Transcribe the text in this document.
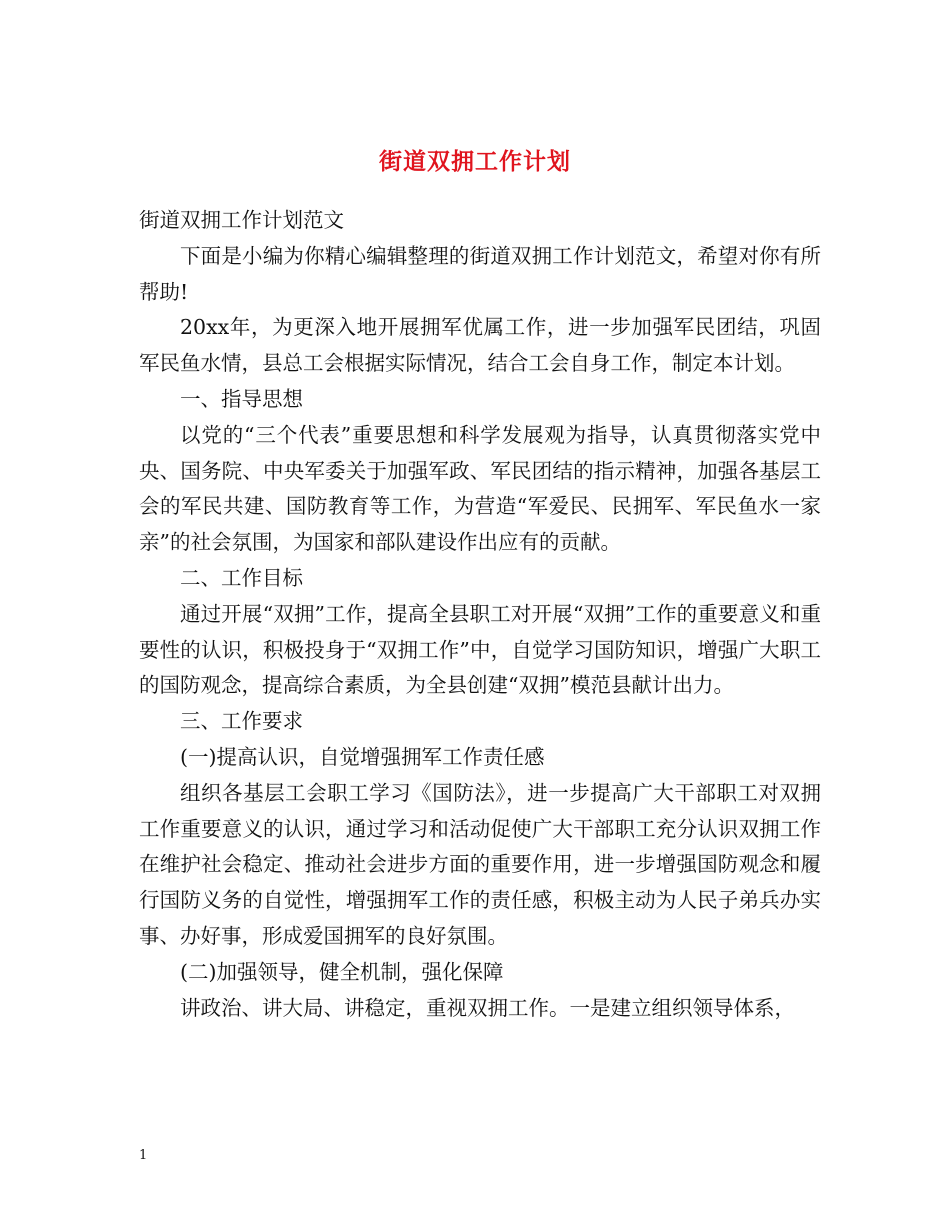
街道双拥工作计划

街道双拥工作计划范文

下面是小编为你精心编辑整理的街道双拥工作计划范文，希望对你有所帮助!

20xx年，为更深入地开展拥军优属工作，进一步加强军民团结，巩固军民鱼水情，县总工会根据实际情况，结合工会自身工作，制定本计划。

一、指导思想

以党的“三个代表”重要思想和科学发展观为指导，认真贯彻落实党中央、国务院、中央军委关于加强军政、军民团结的指示精神，加强各基层工会的军民共建、国防教育等工作，为营造“军爱民、民拥军、军民鱼水一家亲”的社会氛围，为国家和部队建设作出应有的贡献。

二、工作目标

通过开展“双拥”工作，提高全县职工对开展“双拥”工作的重要意义和重要性的认识，积极投身于“双拥工作”中，自觉学习国防知识，增强广大职工的国防观念，提高综合素质，为全县创建“双拥”模范县献计出力。

三、工作要求

(一)提高认识，自觉增强拥军工作责任感

组织各基层工会职工学习《国防法》，进一步提高广大干部职工对双拥工作重要意义的认识，通过学习和活动促使广大干部职工充分认识双拥工作在维护社会稳定、推动社会进步方面的重要作用，进一步增强国防观念和履行国防义务的自觉性，增强拥军工作的责任感，积极主动为人民子弟兵办实事、办好事，形成爱国拥军的良好氛围。

(二)加强领导，健全机制，强化保障

讲政治、讲大局、讲稳定，重视双拥工作。一是建立组织领导体系，

1
